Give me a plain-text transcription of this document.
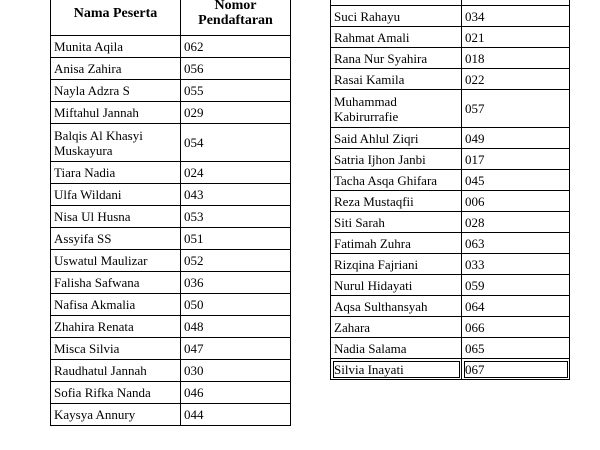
Nama Peserta	Nomor Pendaftaran
Munita Aqila	062
Anisa Zahira	056
Nayla Adzra S	055
Miftahul Jannah	029
Balqis Al Khasyi Muskayura	054
Tiara Nadia	024
Ulfa Wildani	043
Nisa Ul Husna	053
Assyifa SS	051
Uswatul Maulizar	052
Falisha Safwana	036
Nafisa Akmalia	050
Zhahira Renata	048
Misca Silvia	047
Raudhatul Jannah	030
Sofia Rifka Nanda	046
Kaysya Annury	044

Suci Rahayu	034
Rahmat Amali	021
Rana Nur Syahira	018
Rasai Kamila	022
Muhammad Kabirurrafie	057
Said Ahlul Ziqri	049
Satria Ijhon Janbi	017
Tacha Asqa Ghifara	045
Reza Mustaqfii	006
Siti Sarah	028
Fatimah Zuhra	063
Rizqina Fajriani	033
Nurul Hidayati	059
Aqsa Sulthansyah	064
Zahara	066
Nadia Salama	065
Silvia Inayati	067
